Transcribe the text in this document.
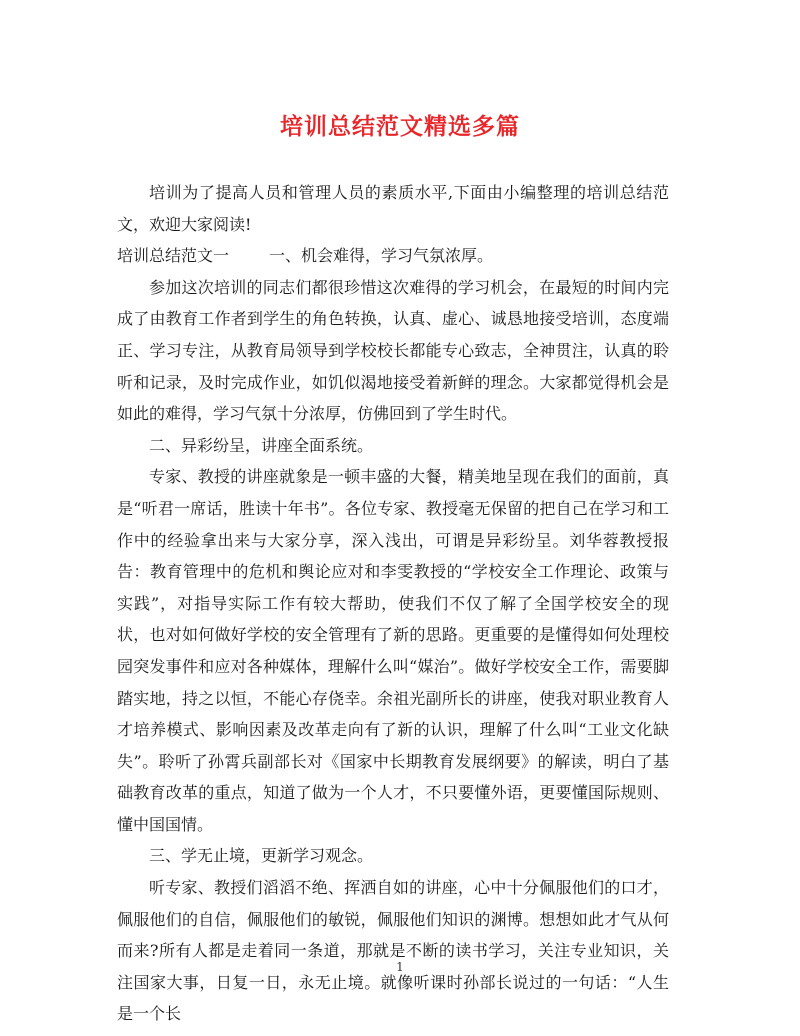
培训总结范文精选多篇

培训为了提高人员和管理人员的素质水平,下面由小编整理的培训总结范文，欢迎大家阅读!

培训总结范文一	一、机会难得，学习气氛浓厚。

参加这次培训的同志们都很珍惜这次难得的学习机会，在最短的时间内完成了由教育工作者到学生的角色转换，认真、虚心、诚恳地接受培训，态度端正、学习专注，从教育局领导到学校校长都能专心致志，全神贯注，认真的聆听和记录，及时完成作业，如饥似渴地接受着新鲜的理念。大家都觉得机会是如此的难得，学习气氛十分浓厚，仿佛回到了学生时代。

二、异彩纷呈，讲座全面系统。

专家、教授的讲座就象是一顿丰盛的大餐，精美地呈现在我们的面前，真是“听君一席话，胜读十年书”。各位专家、教授毫无保留的把自己在学习和工作中的经验拿出来与大家分享，深入浅出，可谓是异彩纷呈。刘华蓉教授报告：教育管理中的危机和舆论应对和李雯教授的“学校安全工作理论、政策与实践”，对指导实际工作有较大帮助，使我们不仅了解了全国学校安全的现状，也对如何做好学校的安全管理有了新的思路。更重要的是懂得如何处理校园突发事件和应对各种媒体，理解什么叫“媒治”。做好学校安全工作，需要脚踏实地，持之以恒，不能心存侥幸。余祖光副所长的讲座，使我对职业教育人才培养模式、影响因素及改革走向有了新的认识，理解了什么叫“工业文化缺失”。聆听了孙霄兵副部长对《国家中长期教育发展纲要》的解读，明白了基础教育改革的重点，知道了做为一个人才，不只要懂外语，更要懂国际规则、懂中国国情。

三、学无止境，更新学习观念。

听专家、教授们滔滔不绝、挥洒自如的讲座，心中十分佩服他们的口才，佩服他们的自信，佩服他们的敏锐，佩服他们知识的渊博。想想如此才气从何而来?所有人都是走着同一条道，那就是不断的读书学习，关注专业知识，关注国家大事，日复一日，永无止境。就像听课时孙部长说过的一句话：“人生是一个长

1
